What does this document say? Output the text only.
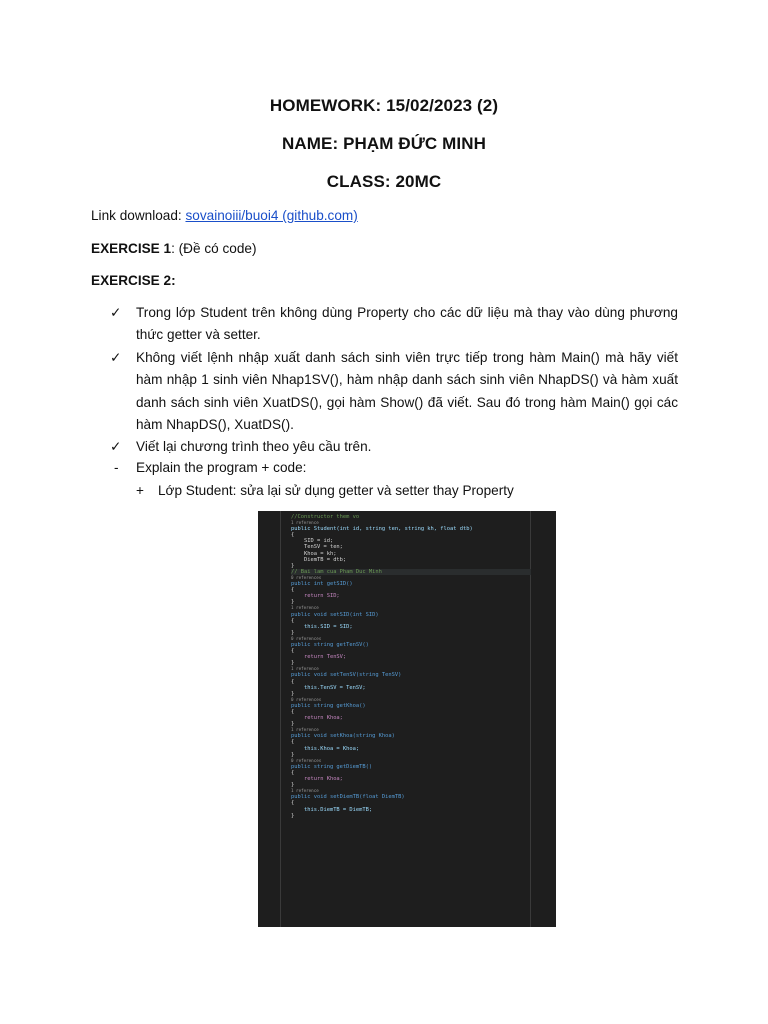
HOMEWORK: 15/02/2023 (2)
NAME: PHẠM ĐỨC MINH
CLASS: 20MC
Link download: sovainoiii/buoi4 (github.com)
EXERCISE 1: (Đề có code)
EXERCISE 2:
✓	Trong lớp Student trên không dùng Property cho các dữ liệu mà thay vào dùng phương thức getter và setter.
✓	Không viết lệnh nhập xuất danh sách sinh viên trực tiếp trong hàm Main() mà hãy viết hàm nhập 1 sinh viên Nhap1SV(), hàm nhập danh sách sinh viên NhapDS() và hàm xuất danh sách sinh viên XuatDS(), gọi hàm Show() đã viết. Sau đó trong hàm Main() gọi các hàm NhapDS(), XuatDS().
✓	Viết lại chương trình theo yêu cầu trên.
- Explain the program + code:
+ Lớp Student: sửa lại sử dụng getter và setter thay Property
//Constructor them vo
1 reference
public Student(int id, string ten, string kh, float dtb)
{
SID = id;
TenSV = ten;
Khoa = kh;
DiemTB = dtb;
}
// Bai lam cua Pham Duc Minh
0 references
public int getSID()
{
return SID;
}
1 reference
public void setSID(int SID)
{
this.SID = SID;
}
0 references
public string getTenSV()
{
return TenSV;
}
1 reference
public void setTenSV(string TenSV)
{
this.TenSV = TenSV;
}
0 references
public string getKhoa()
{
return Khoa;
}
1 reference
public void setKhoa(string Khoa)
{
this.Khoa = Khoa;
}
0 references
public string getDiemTB()
{
return Khoa;
}
1 reference
public void setDiemTB(float DiemTB)
{
this.DiemTB = DiemTB;
}
